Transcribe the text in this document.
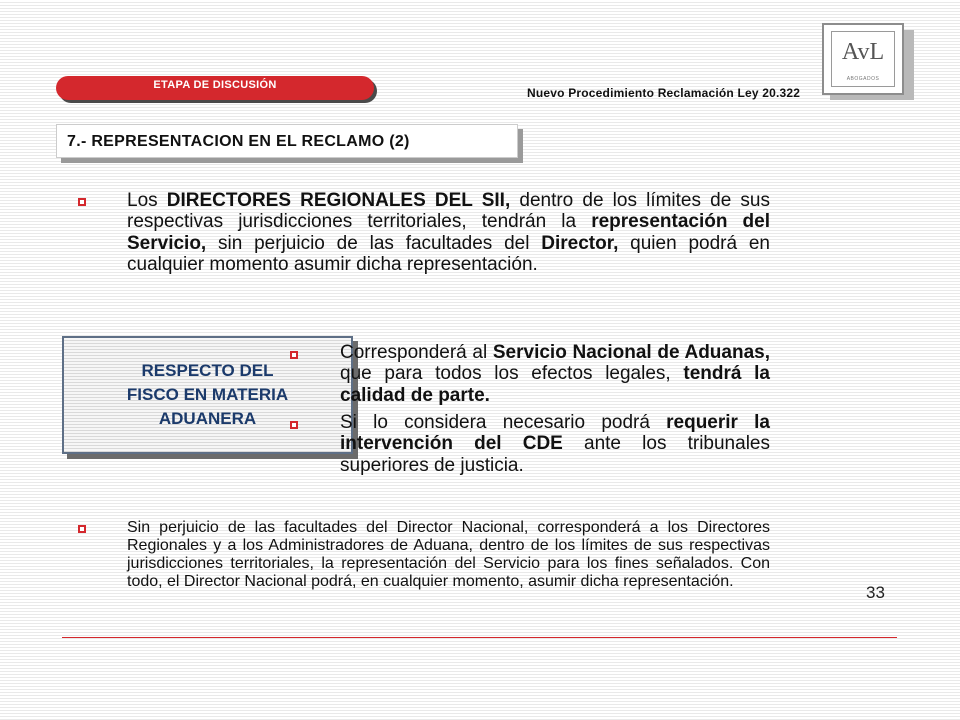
ETAPA DE DISCUSIÓN
Nuevo Procedimiento Reclamación Ley 20.322
AvL
ABOGADOS
7.- REPRESENTACION EN EL RECLAMO (2)
Los DIRECTORES REGIONALES DEL SII, dentro de los límites de sus respectivas jurisdicciones territoriales, tendrán la representación del Servicio, sin perjuicio de las facultades del Director, quien podrá en cualquier momento asumir dicha representación.
RESPECTO DEL FISCO EN MATERIA ADUANERA
Corresponderá al Servicio Nacional de Aduanas, que para todos los efectos legales, tendrá la calidad de parte.
Si lo considera necesario podrá requerir la intervención del CDE ante los tribunales superiores de justicia.
Sin perjuicio de las facultades del Director Nacional, corresponderá a los Directores Regionales y a los Administradores de Aduana, dentro de los límites de sus respectivas jurisdicciones territoriales, la representación del Servicio para los fines señalados. Con todo, el Director Nacional podrá, en cualquier momento, asumir dicha representación.
33
